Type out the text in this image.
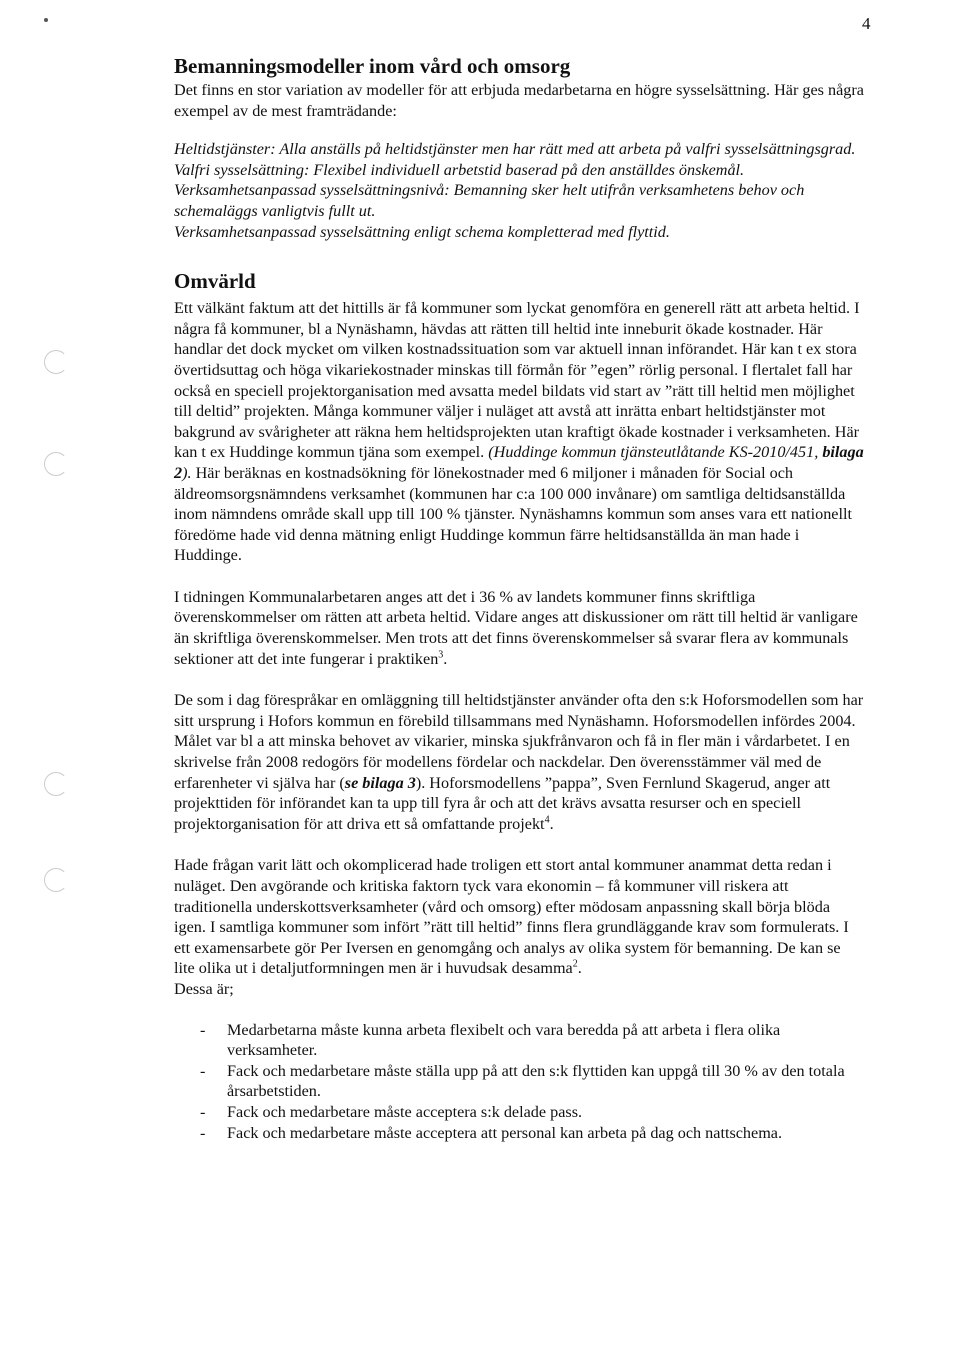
4
Bemanningsmodeller inom vård och omsorg

Det finns en stor variation av modeller för att erbjuda medarbetarna en högre sysselsättning. Här ges några exempel av de mest framträdande:

Heltidstjänster: Alla anställs på heltidstjänster men har rätt med att arbeta på valfri sysselsättningsgrad.

Valfri sysselsättning: Flexibel individuell arbetstid baserad på den anställdes önskemål.

Verksamhetsanpassad sysselsättningsnivå: Bemanning sker helt utifrån verksamhetens behov och schemaläggs vanligtvis fullt ut.

Verksamhetsanpassad sysselsättning enligt schema kompletterad med flyttid.

Omvärld

Ett välkänt faktum att det hittills är få kommuner som lyckat genomföra en generell rätt att arbeta heltid. I några få kommuner, bl a Nynäshamn, hävdas att rätten till heltid inte inneburit ökade kostnader. Här handlar det dock mycket om vilken kostnadssituation som var aktuell innan införandet. Här kan t ex stora övertidsuttag och höga vikariekostnader minskas till förmån för ”egen” rörlig personal. I flertalet fall har också en speciell projektorganisation med avsatta medel bildats vid start av ”rätt till heltid men möjlighet till deltid” projekten. Många kommuner väljer i nuläget att avstå att inrätta enbart heltidstjänster mot bakgrund av svårigheter att räkna hem heltidsprojekten utan kraftigt ökade kostnader i verksamheten. Här kan t ex Huddinge kommun tjäna som exempel. (Huddinge kommun tjänsteutlåtande KS-2010/451, bilaga 2). Här beräknas en kostnadsökning för lönekostnader med 6 miljoner i månaden för Social och äldreomsorgsnämndens verksamhet (kommunen har c:a 100 000 invånare) om samtliga deltidsanställda inom nämndens område skall upp till 100 % tjänster. Nynäshamns kommun som anses vara ett nationellt föredöme hade vid denna mätning enligt Huddinge kommun färre heltidsanställda än man hade i Huddinge.

I tidningen Kommunalarbetaren anges att det i 36 % av landets kommuner finns skriftliga överenskommelser om rätten att arbeta heltid. Vidare anges att diskussioner om rätt till heltid är vanligare än skriftliga överenskommelser. Men trots att det finns överenskommelser så svarar flera av kommunals sektioner att det inte fungerar i praktiken$^3$.

De som i dag förespråkar en omläggning till heltidstjänster använder ofta den s:k Hoforsmodellen som har sitt ursprung i Hofors kommun en förebild tillsammans med Nynäshamn. Hoforsmodellen infördes 2004. Målet var bl a att minska behovet av vikarier, minska sjukfrånvaron och få in fler män i vårdarbetet. I en skrivelse från 2008 redogörs för modellens fördelar och nackdelar. Den överensstämmer väl med de erfarenheter vi själva har (se bilaga 3). Hoforsmodellens ”pappa”, Sven Fernlund Skagerud, anger att projekttiden för införandet kan ta upp till fyra år och att det krävs avsatta resurser och en speciell projektorganisation för att driva ett så omfattande projekt$^4$.

Hade frågan varit lätt och okomplicerad hade troligen ett stort antal kommuner anammat detta redan i nuläget. Den avgörande och kritiska faktorn tyck vara ekonomin – få kommuner vill riskera att traditionella underskottsverksamheter (vård och omsorg) efter mödosam anpassning skall börja blöda igen. I samtliga kommuner som infört ”rätt till heltid” finns flera grundläggande krav som formulerats. I ett examensarbete gör Per Iversen en genomgång och analys av olika system för bemanning. De kan se lite olika ut i detaljutformningen men är i huvudsak desamma$^2$.
Dessa är;

- Medarbetarna måste kunna arbeta flexibelt och vara beredda på att arbeta i flera olika verksamheter.
- Fack och medarbetare måste ställa upp på att den s:k flyttiden kan uppgå till 30 % av den totala årsarbetstiden.
- Fack och medarbetare måste acceptera s:k delade pass.
- Fack och medarbetare måste acceptera att personal kan arbeta på dag och nattschema.
